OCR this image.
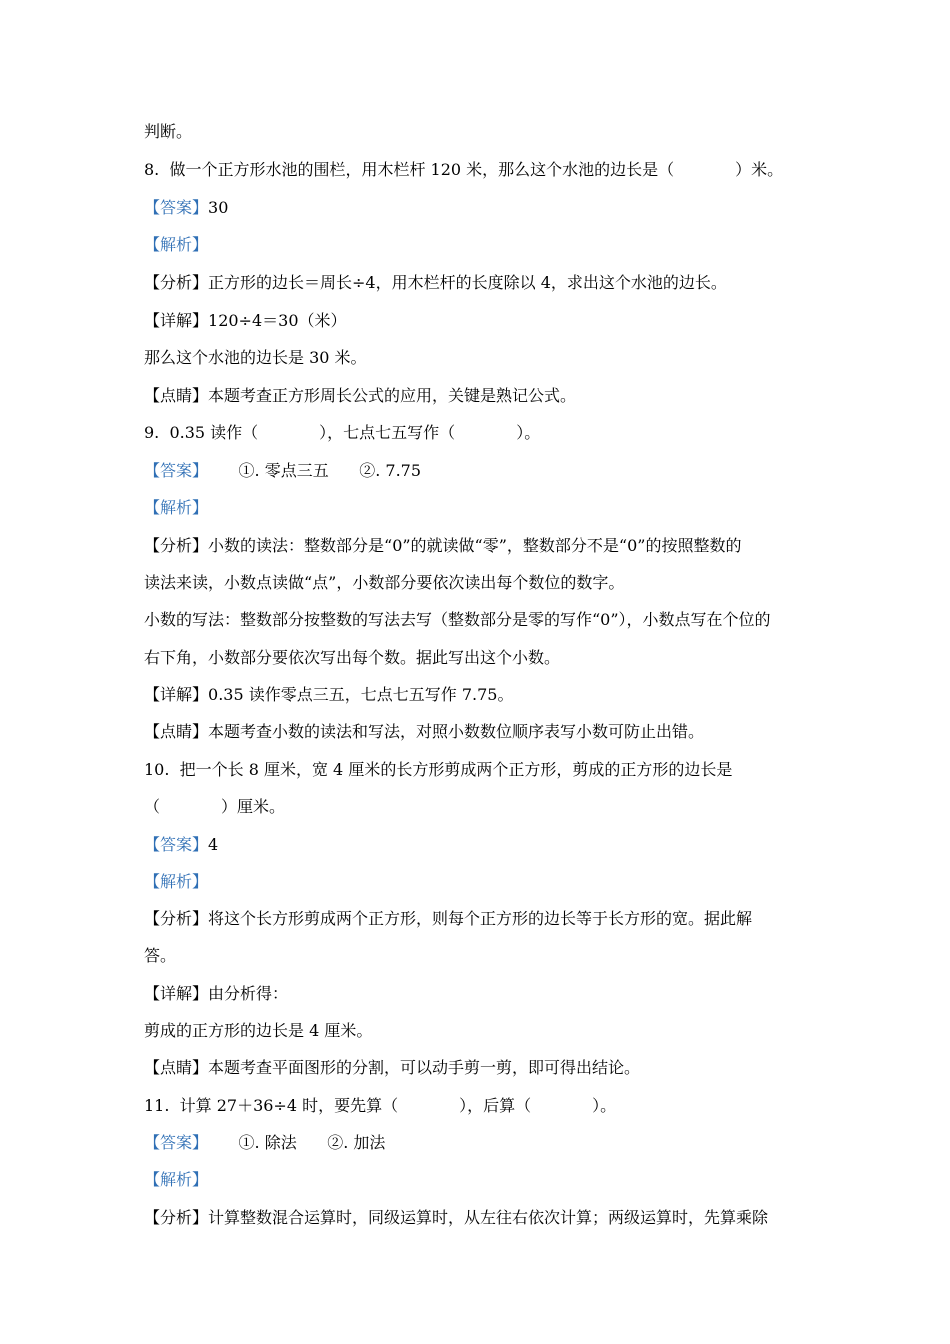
判断。
8.  做一个正方形水池的围栏，用木栏杆 120 米，那么这个水池的边长是（            ）米。
【答案】30
【解析】
【分析】正方形的边长＝周长÷4，用木栏杆的长度除以 4，求出这个水池的边长。
【详解】120÷4＝30（米）
那么这个水池的边长是 30 米。
【点睛】本题考查正方形周长公式的应用，关键是熟记公式。
9.  0.35 读作（            ），七点七五写作（            ）。
【答案】      ①. 零点三五      ②. 7.75
【解析】
【分析】小数的读法：整数部分是“0”的就读做“零”，整数部分不是“0”的按照整数的
读法来读，小数点读做“点”，小数部分要依次读出每个数位的数字。
小数的写法：整数部分按整数的写法去写（整数部分是零的写作“0”），小数点写在个位的
右下角，小数部分要依次写出每个数。据此写出这个小数。
【详解】0.35 读作零点三五，七点七五写作 7.75。
【点睛】本题考查小数的读法和写法，对照小数数位顺序表写小数可防止出错。
10.  把一个长 8 厘米，宽 4 厘米的长方形剪成两个正方形，剪成的正方形的边长是
（            ）厘米。
【答案】4
【解析】
【分析】将这个长方形剪成两个正方形，则每个正方形的边长等于长方形的宽。据此解
答。
【详解】由分析得：
剪成的正方形的边长是 4 厘米。
【点睛】本题考查平面图形的分割，可以动手剪一剪，即可得出结论。
11.  计算 27＋36÷4 时，要先算（            ），后算（            ）。
【答案】      ①. 除法      ②. 加法
【解析】
【分析】计算整数混合运算时，同级运算时，从左往右依次计算；两级运算时，先算乘除
